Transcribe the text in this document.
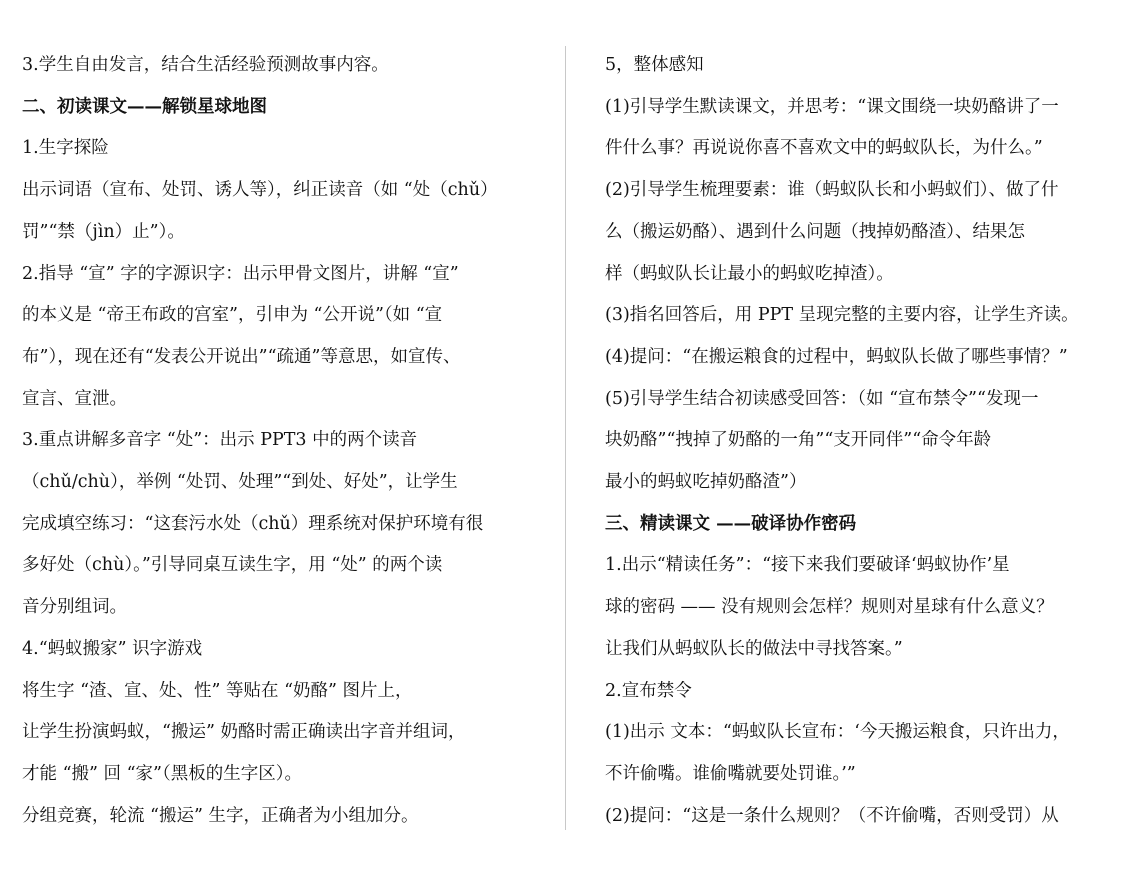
3.学生自由发言，结合生活经验预测故事内容。
二、初读课文——解锁星球地图
1.生字探险
出示词语（宣布、处罚、诱人等），纠正读音（如 “处（chǔ）
罚”“禁（jìn）止”）。
2.指导 “宣” 字的字源识字：出示甲骨文图片，讲解 “宣”
的本义是 “帝王布政的宫室”，引申为 “公开说”（如 “宣
布”），现在还有“发表公开说出”“疏通”等意思，如宣传、
宣言、宣泄。
3.重点讲解多音字 “处”：出示 PPT3 中的两个读音
（chǔ/chù），举例 “处罚、处理”“到处、好处”，让学生
完成填空练习：“这套污水处（chǔ）理系统对保护环境有很
多好处（chù）。”引导同桌互读生字，用 “处” 的两个读
音分别组词。
4.“蚂蚁搬家” 识字游戏
将生字 “渣、宣、处、性” 等贴在 “奶酪” 图片上，
让学生扮演蚂蚁，“搬运” 奶酪时需正确读出字音并组词，
才能 “搬” 回 “家”（黑板的生字区）。
分组竞赛，轮流 “搬运” 生字，正确者为小组加分。
5，整体感知
(1)引导学生默读课文，并思考：“课文围绕一块奶酪讲了一
件什么事？再说说你喜不喜欢文中的蚂蚁队长，为什么。”
(2)引导学生梳理要素：谁（蚂蚁队长和小蚂蚁们）、做了什
么（搬运奶酪）、遇到什么问题（拽掉奶酪渣）、结果怎
样（蚂蚁队长让最小的蚂蚁吃掉渣）。
(3)指名回答后，用 PPT 呈现完整的主要内容，让学生齐读。
(4)提问：“在搬运粮食的过程中，蚂蚁队长做了哪些事情？”
(5)引导学生结合初读感受回答：（如 “宣布禁令”“发现一
块奶酪”“拽掉了奶酪的一角”“支开同伴”“命令年龄
最小的蚂蚁吃掉奶酪渣”）
三、精读课文 ——破译协作密码
1.出示“精读任务”：“接下来我们要破译‘蚂蚁协作’星
球的密码 —— 没有规则会怎样？规则对星球有什么意义？
让我们从蚂蚁队长的做法中寻找答案。”
2.宣布禁令
(1)出示 文本：“蚂蚁队长宣布：‘今天搬运粮食，只许出力，
不许偷嘴。谁偷嘴就要处罚谁。’”
(2)提问：“这是一条什么规则？（不许偷嘴，否则受罚）从
